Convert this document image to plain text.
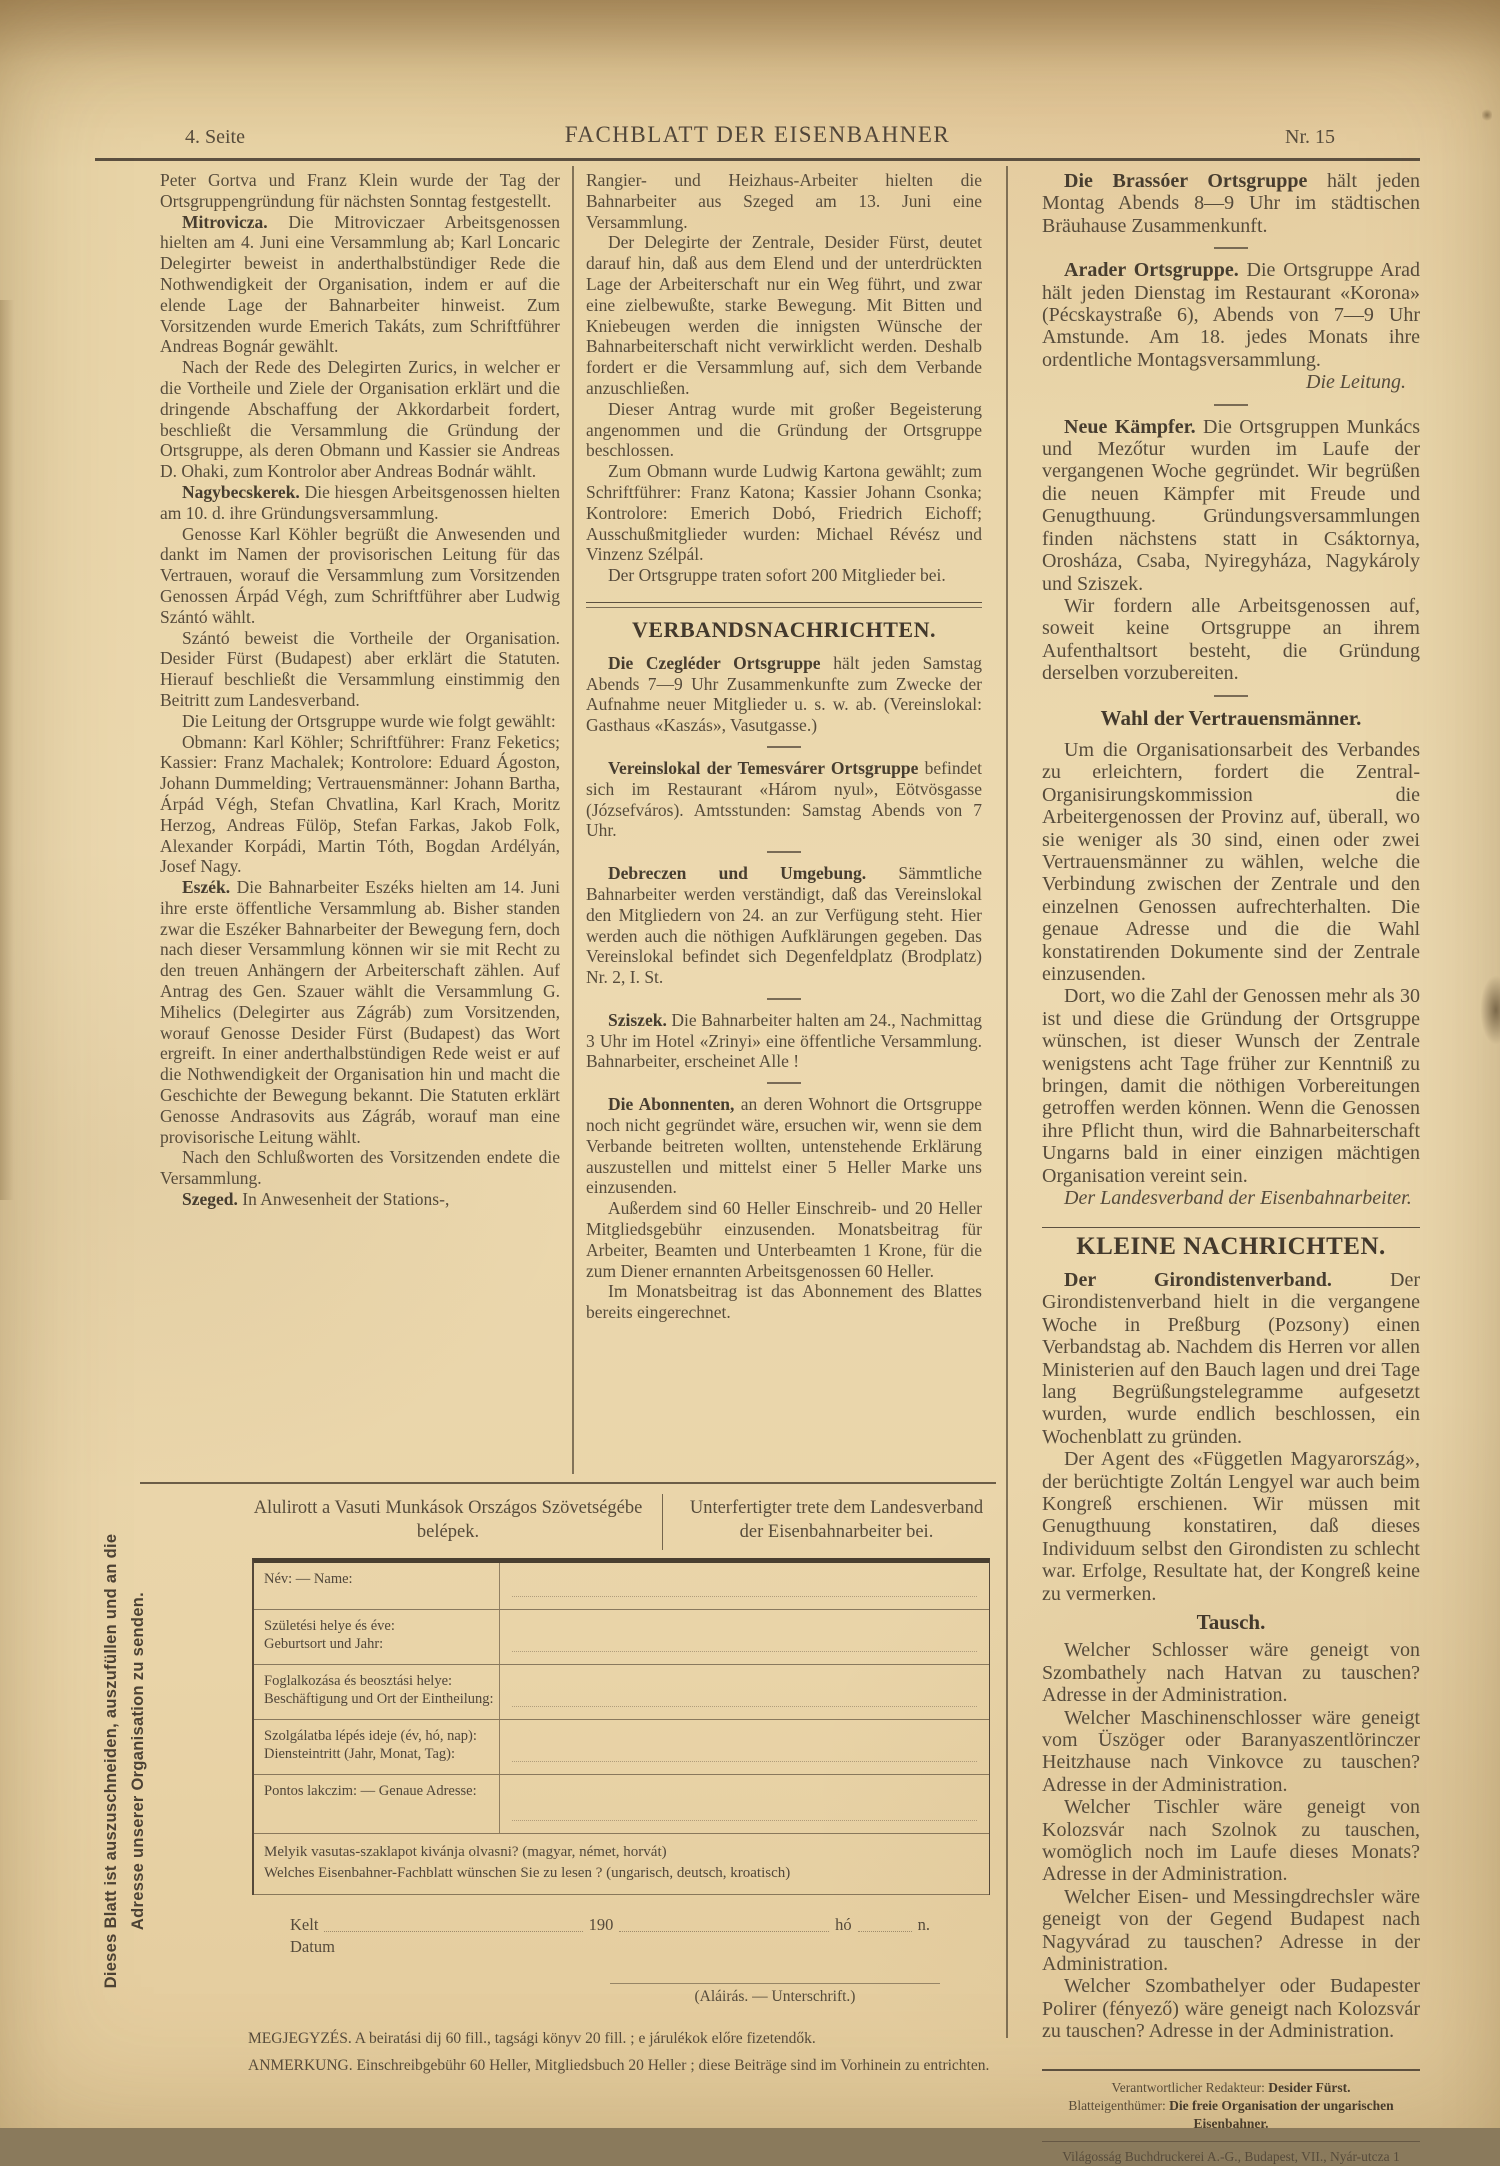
4. Seite	FACHBLATT DER EISENBAHNER	Nr. 15

Peter Gortva und Franz Klein wurde der Tag der Ortsgruppengründung für nächsten Sonntag festgestellt.

Mitrovicza. Die Mitroviczaer Arbeitsgenossen hielten am 4. Juni eine Versammlung ab; Karl Loncaric Delegirter beweist in anderthalbstündiger Rede die Nothwendigkeit der Organisation, indem er auf die elende Lage der Bahnarbeiter hinweist. Zum Vorsitzenden wurde Emerich Takáts, zum Schriftführer Andreas Bognár gewählt.

Nach der Rede des Delegirten Zurics, in welcher er die Vortheile und Ziele der Organisation erklärt und die dringende Abschaffung der Akkordarbeit fordert, beschließt die Versammlung die Gründung der Ortsgruppe, als deren Obmann und Kassier sie Andreas D. Ohaki, zum Kontrolor aber Andreas Bodnár wählt.

Nagybecskerek. Die hiesgen Arbeitsgenossen hielten am 10. d. ihre Gründungsversammlung.

Genosse Karl Köhler begrüßt die Anwesenden und dankt im Namen der provisorischen Leitung für das Vertrauen, worauf die Versammlung zum Vorsitzenden Genossen Árpád Végh, zum Schriftführer aber Ludwig Szántó wählt.

Szántó beweist die Vortheile der Organisation. Desider Fürst (Budapest) aber erklärt die Statuten. Hierauf beschließt die Versammlung einstimmig den Beitritt zum Landesverband.

Die Leitung der Ortsgruppe wurde wie folgt gewählt:

Obmann: Karl Köhler; Schriftführer: Franz Feketics; Kassier: Franz Machalek; Kontrolore: Eduard Ágoston, Johann Dummelding; Vertrauensmänner: Johann Bartha, Árpád Végh, Stefan Chvatlina, Karl Krach, Moritz Herzog, Andreas Fülöp, Stefan Farkas, Jakob Folk, Alexander Korpádi, Martin Tóth, Bogdan Ardélyán, Josef Nagy.

Eszék. Die Bahnarbeiter Eszéks hielten am 14. Juni ihre erste öffentliche Versammlung ab. Bisher standen zwar die Eszéker Bahnarbeiter der Bewegung fern, doch nach dieser Versammlung können wir sie mit Recht zu den treuen Anhängern der Arbeiterschaft zählen. Auf Antrag des Gen. Szauer wählt die Versammlung G. Mihelics (Delegirter aus Zágráb) zum Vorsitzenden, worauf Genosse Desider Fürst (Budapest) das Wort ergreift. In einer anderthalbstündigen Rede weist er auf die Nothwendigkeit der Organisation hin und macht die Geschichte der Bewegung bekannt. Die Statuten erklärt Genosse Andrasovits aus Zágráb, worauf man eine provisorische Leitung wählt.

Nach den Schlußworten des Vorsitzenden endete die Versammlung.

Szeged. In Anwesenheit der Stations-,

Rangier- und Heizhaus-Arbeiter hielten die Bahnarbeiter aus Szeged am 13. Juni eine Versammlung.

Der Delegirte der Zentrale, Desider Fürst, deutet darauf hin, daß aus dem Elend und der unterdrückten Lage der Arbeiterschaft nur ein Weg führt, und zwar eine zielbewußte, starke Bewegung. Mit Bitten und Kniebeugen werden die innigsten Wünsche der Bahnarbeiterschaft nicht verwirklicht werden. Deshalb fordert er die Versammlung auf, sich dem Verbande anzuschließen.

Dieser Antrag wurde mit großer Begeisterung angenommen und die Gründung der Ortsgruppe beschlossen.

Zum Obmann wurde Ludwig Kartona gewählt; zum Schriftführer: Franz Katona; Kassier Johann Csonka; Kontrolore: Emerich Dobó, Friedrich Eichoff; Ausschußmitglieder wurden: Michael Révész und Vinzenz Szélpál.

Der Ortsgruppe traten sofort 200 Mitglieder bei.

VERBANDSNACHRICHTEN.

Die Czegléder Ortsgruppe hält jeden Samstag Abends 7—9 Uhr Zusammenkunfte zum Zwecke der Aufnahme neuer Mitglieder u. s. w. ab. (Vereinslokal: Gasthaus «Kaszás», Vasutgasse.)

Vereinslokal der Temesvárer Ortsgruppe befindet sich im Restaurant «Három nyul», Eötvösgasse (Józsefváros). Amtsstunden: Samstag Abends von 7 Uhr.

Debreczen und Umgebung. Sämmtliche Bahnarbeiter werden verständigt, daß das Vereinslokal den Mitgliedern von 24. an zur Verfügung steht. Hier werden auch die nöthigen Aufklärungen gegeben. Das Vereinslokal befindet sich Degenfeldplatz (Brodplatz) Nr. 2, I. St.

Sziszek. Die Bahnarbeiter halten am 24., Nachmittag 3 Uhr im Hotel «Zrinyi» eine öffentliche Versammlung. Bahnarbeiter, erscheinet Alle !

Die Abonnenten, an deren Wohnort die Ortsgruppe noch nicht gegründet wäre, ersuchen wir, wenn sie dem Verbande beitreten wollten, untenstehende Erklärung auszustellen und mittelst einer 5 Heller Marke uns einzusenden.

Außerdem sind 60 Heller Einschreib- und 20 Heller Mitgliedsgebühr einzusenden. Monatsbeitrag für Arbeiter, Beamten und Unterbeamten 1 Krone, für die zum Diener ernannten Arbeitsgenossen 60 Heller.

Im Monatsbeitrag ist das Abonnement des Blattes bereits eingerechnet.

Die Brassóer Ortsgruppe hält jeden Montag Abends 8—9 Uhr im städtischen Bräuhause Zusammenkunft.

Arader Ortsgruppe. Die Ortsgruppe Arad hält jeden Dienstag im Restaurant «Korona» (Pécskaystraße 6), Abends von 7—9 Uhr Amstunde. Am 18. jedes Monats ihre ordentliche Montagsversammlung.

Die Leitung.

Neue Kämpfer. Die Ortsgruppen Munkács und Mezőtur wurden im Laufe der vergangenen Woche gegründet. Wir begrüßen die neuen Kämpfer mit Freude und Genugthuung. Gründungsversammlungen finden nächstens statt in Csáktornya, Orosháza, Csaba, Nyiregyháza, Nagykároly und Sziszek.

Wir fordern alle Arbeitsgenossen auf, soweit keine Ortsgruppe an ihrem Aufenthaltsort besteht, die Gründung derselben vorzubereiten.

Wahl der Vertrauensmänner.

Um die Organisationsarbeit des Verbandes zu erleichtern, fordert die Zentral-Organisirungskommission die Arbeitergenossen der Provinz auf, überall, wo sie weniger als 30 sind, einen oder zwei Vertrauensmänner zu wählen, welche die Verbindung zwischen der Zentrale und den einzelnen Genossen aufrechterhalten. Die genaue Adresse und die die Wahl konstatirenden Dokumente sind der Zentrale einzusenden.

Dort, wo die Zahl der Genossen mehr als 30 ist und diese die Gründung der Ortsgruppe wünschen, ist dieser Wunsch der Zentrale wenigstens acht Tage früher zur Kenntniß zu bringen, damit die nöthigen Vorbereitungen getroffen werden können. Wenn die Genossen ihre Pflicht thun, wird die Bahnarbeiterschaft Ungarns bald in einer einzigen mächtigen Organisation vereint sein.

Der Landesverband der Eisenbahnarbeiter.

KLEINE NACHRICHTEN.

Der Girondistenverband. Der Girondistenverband hielt in die vergangene Woche in Preßburg (Pozsony) einen Verbandstag ab. Nachdem dis Herren vor allen Ministerien auf den Bauch lagen und drei Tage lang Begrüßungstelegramme aufgesetzt wurden, wurde endlich beschlossen, ein Wochenblatt zu gründen.

Der Agent des «Független Magyarország», der berüchtigte Zoltán Lengyel war auch beim Kongreß erschienen. Wir müssen mit Genugthuung konstatiren, daß dieses Individuum selbst den Girondisten zu schlecht war. Erfolge, Resultate hat, der Kongreß keine zu vermerken.

Tausch.

Welcher Schlosser wäre geneigt von Szombathely nach Hatvan zu tauschen? Adresse in der Administration.

Welcher Maschinenschlosser wäre geneigt vom Üszöger oder Baranyaszentlörinczer Heitzhause nach Vinkovce zu tauschen? Adresse in der Administration.

Welcher Tischler wäre geneigt von Kolozsvár nach Szolnok zu tauschen, womöglich noch im Laufe dieses Monats? Adresse in der Administration.

Welcher Eisen- und Messingdrechsler wäre geneigt von der Gegend Budapest nach Nagyvárad zu tauschen? Adresse in der Administration.

Welcher Szombathelyer oder Budapester Polirer (fényező) wäre geneigt nach Kolozsvár zu tauschen? Adresse in der Administration.

Verantwortlicher Redakteur: Desider Fürst.
Blatteigenthümer: Die freie Organisation der ungarischen Eisenbahner.
Világosság Buchdruckerei A.-G., Budapest, VII., Nyár-utcza 1
Alulirott a Vasuti Munkások Országos Szövetségébe belépek.
Unterfertigter trete dem Landesverband der Eisenbahnarbeiter bei.
Név: — Name:
Születési helye és éve:
Geburtsort und Jahr:
Foglalkozása és beosztási helye:
Beschäftigung und Ort der Eintheilung:
Szolgálatba lépés ideje (év, hó, nap):
Diensteintritt (Jahr, Monat, Tag):
Pontos lakczim: — Genaue Adresse:
Melyik vasutas-szaklapot kivánja olvasni? (magyar, német, horvát)
Welches Eisenbahner-Fachblatt wünschen Sie zu lesen ? (ungarisch, deutsch, kroatisch)
Kelt	190	hó	n.
Datum
(Aláirás. — Unterschrift.)
MEGJEGYZÉS. A beiratási dij 60 fill., tagsági könyv 20 fill. ; e járulékok előre fizetendők.
ANMERKUNG. Einschreibgebühr 60 Heller, Mitgliedsbuch 20 Heller ; diese Beiträge sind im Vorhinein zu entrichten.
Dieses Blatt ist auszuschneiden, auszufüllen und an die Adresse unserer Organisation zu senden.
